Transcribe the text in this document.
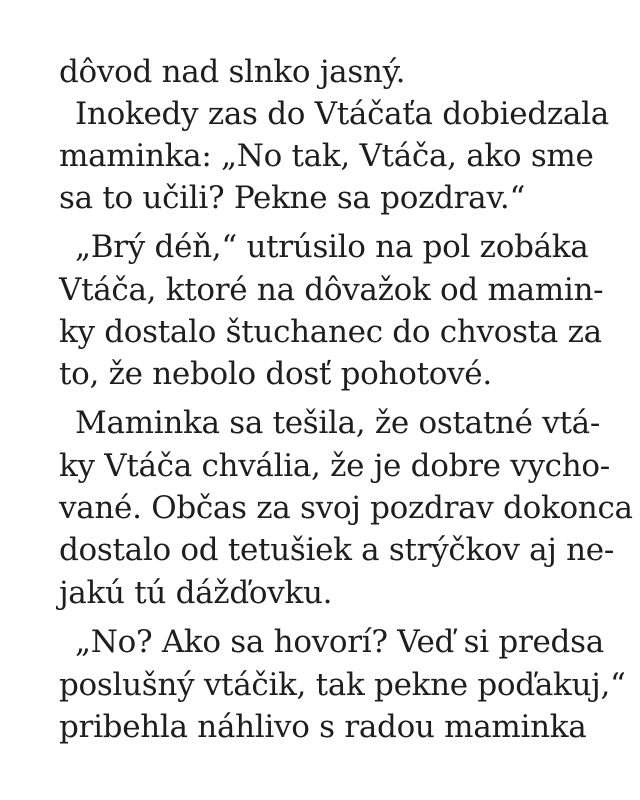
dôvod nad slnko jasný.
Inokedy zas do Vtáčaťa dobiedzala
maminka: „No tak, Vtáča, ako sme
sa to učili? Pekne sa pozdrav.“
„Brý déň,“ utrúsilo na pol zobáka
Vtáča, ktoré na dôvažok od mamin-
ky dostalo štuchanec do chvosta za
to, že nebolo dosť pohotové.
Maminka sa tešila, že ostatné vtá-
ky Vtáča chvália, že je dobre vycho-
vané. Občas za svoj pozdrav dokonca
dostalo od tetušiek a strýčkov aj ne-
jakú tú dážďovku.
„No? Ako sa hovorí? Veď si predsa
poslušný vtáčik, tak pekne poďakuj,“
pribehla náhlivo s radou maminka
